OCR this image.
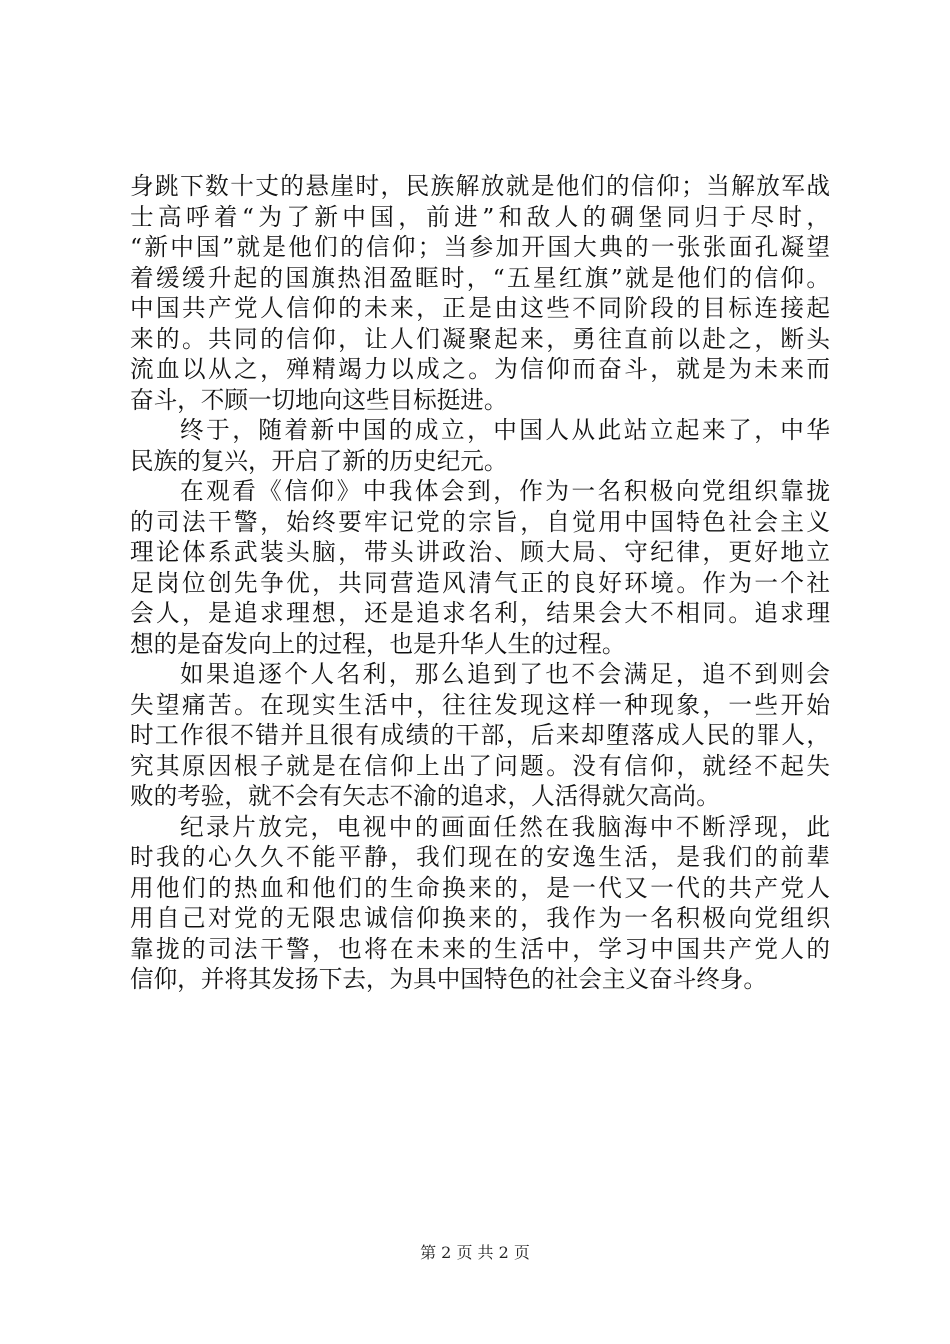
身跳下数十丈的悬崖时，民族解放就是他们的信仰；当解放军战
士高呼着“为了新中国，前进”和敌人的碉堡同归于尽时，
“新中国”就是他们的信仰；当参加开国大典的一张张面孔凝望
着缓缓升起的国旗热泪盈眶时，“五星红旗”就是他们的信仰。
中国共产党人信仰的未来，正是由这些不同阶段的目标连接起
来的。共同的信仰，让人们凝聚起来，勇往直前以赴之，断头
流血以从之，殚精竭力以成之。为信仰而奋斗，就是为未来而
奋斗，不顾一切地向这些目标挺进。
终于，随着新中国的成立，中国人从此站立起来了，中华
民族的复兴，开启了新的历史纪元。
在观看《信仰》中我体会到，作为一名积极向党组织靠拢
的司法干警，始终要牢记党的宗旨，自觉用中国特色社会主义
理论体系武装头脑，带头讲政治、顾大局、守纪律，更好地立
足岗位创先争优，共同营造风清气正的良好环境。作为一个社
会人，是追求理想，还是追求名利，结果会大不相同。追求理
想的是奋发向上的过程，也是升华人生的过程。
如果追逐个人名利，那么追到了也不会满足，追不到则会
失望痛苦。在现实生活中，往往发现这样一种现象，一些开始
时工作很不错并且很有成绩的干部，后来却堕落成人民的罪人，
究其原因根子就是在信仰上出了问题。没有信仰，就经不起失
败的考验，就不会有矢志不渝的追求，人活得就欠高尚。
纪录片放完，电视中的画面任然在我脑海中不断浮现，此
时我的心久久不能平静，我们现在的安逸生活，是我们的前辈
用他们的热血和他们的生命换来的，是一代又一代的共产党人
用自己对党的无限忠诚信仰换来的，我作为一名积极向党组织
靠拢的司法干警，也将在未来的生活中，学习中国共产党人的
信仰，并将其发扬下去，为具中国特色的社会主义奋斗终身。
第 2 页 共 2 页
